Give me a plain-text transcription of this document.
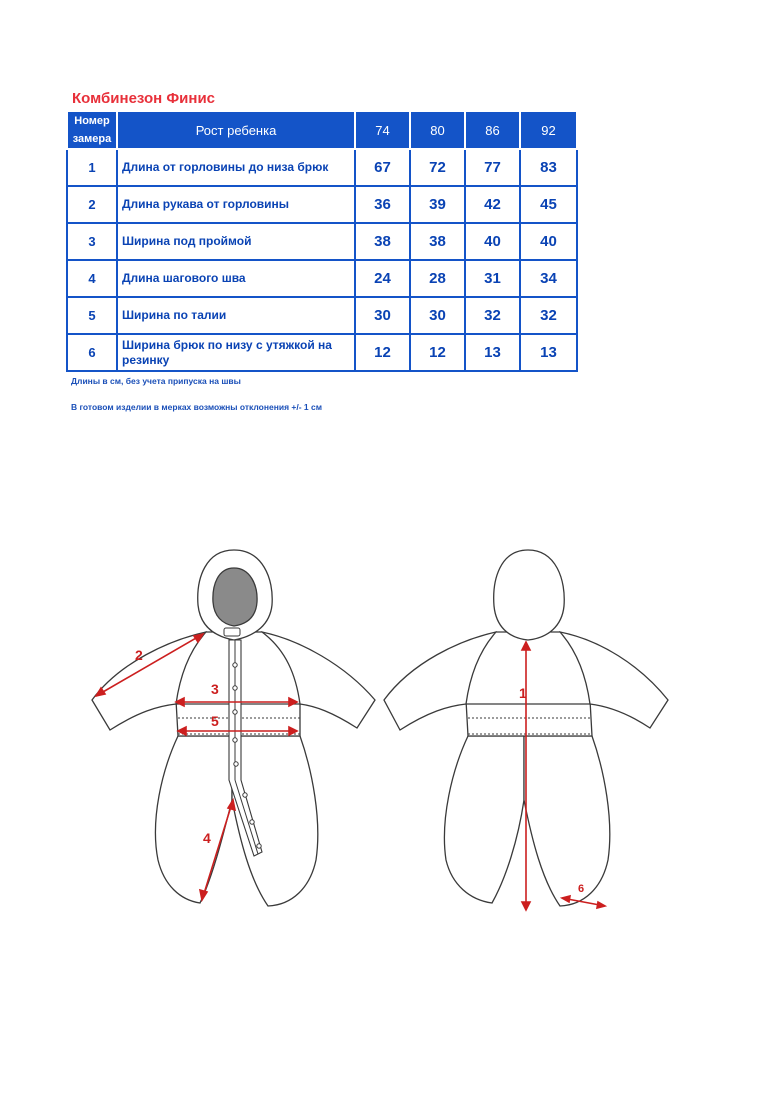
Комбинезон Финис
Номер замера	Рост ребенка	74	80	86	92
1	Длина от горловины до низа брюк	67	72	77	83
2	Длина рукава от горловины	36	39	42	45
3	Ширина под проймой	38	38	40	40
4	Длина шагового шва	24	28	31	34
5	Ширина по талии	30	30	32	32
6	Ширина брюк по низу с утяжкой на резинку	12	12	13	13
Длины в см, без учета припуска на швы
В готовом изделии в мерках возможны отклонения +/- 1 см
2
3
5
4
1
6
